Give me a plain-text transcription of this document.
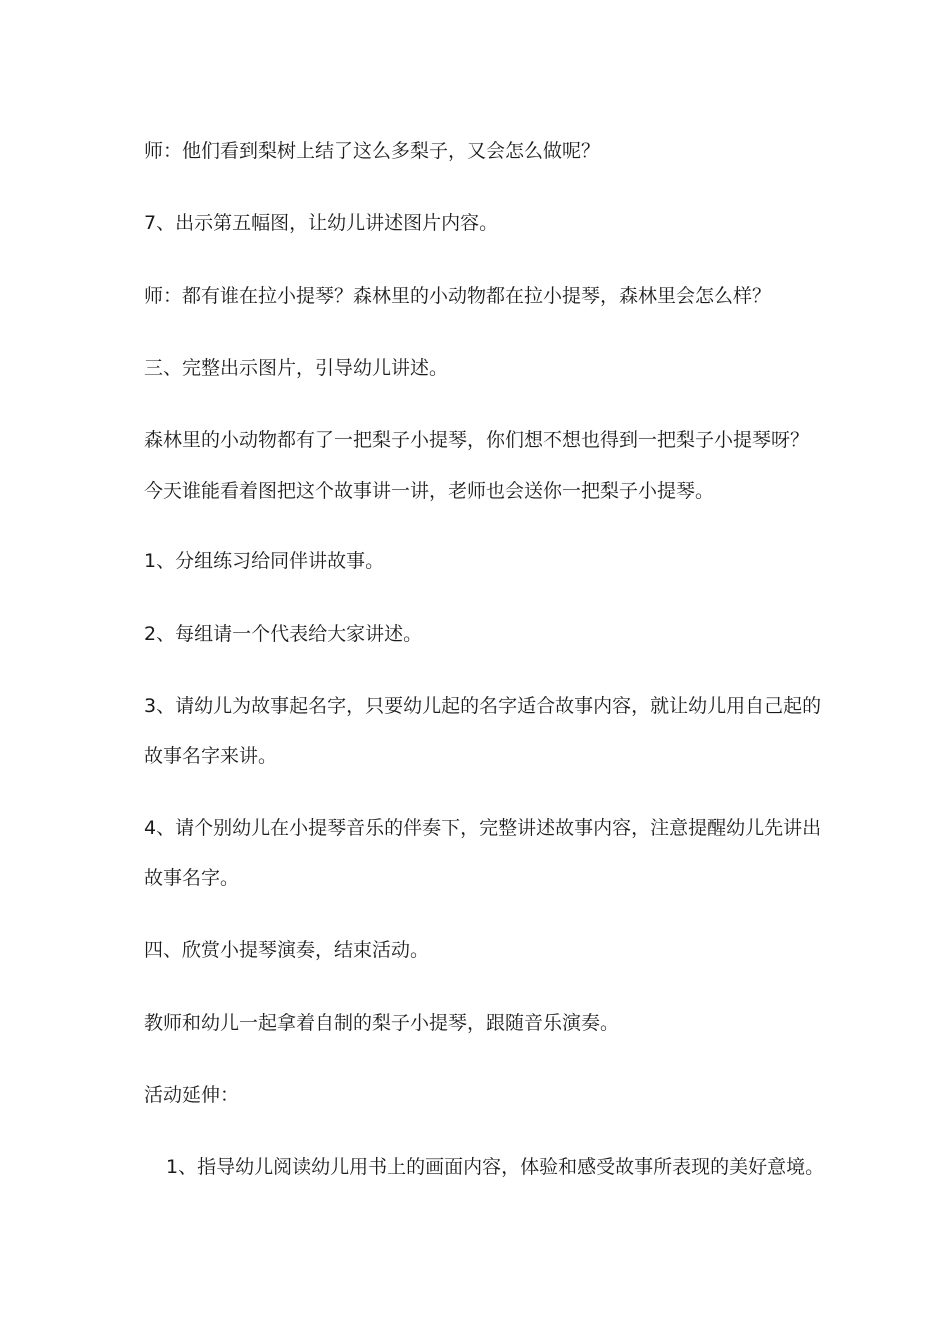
师：他们看到梨树上结了这么多梨子，又会怎么做呢？
7、出示第五幅图，让幼儿讲述图片内容。
师：都有谁在拉小提琴？森林里的小动物都在拉小提琴，森林里会怎么样？
三、完整出示图片，引导幼儿讲述。
森林里的小动物都有了一把梨子小提琴，你们想不想也得到一把梨子小提琴呀？
今天谁能看着图把这个故事讲一讲，老师也会送你一把梨子小提琴。
1、分组练习给同伴讲故事。
2、每组请一个代表给大家讲述。
3、请幼儿为故事起名字，只要幼儿起的名字适合故事内容，就让幼儿用自己起的
故事名字来讲。
4、请个别幼儿在小提琴音乐的伴奏下，完整讲述故事内容，注意提醒幼儿先讲出
故事名字。
四、欣赏小提琴演奏，结束活动。
教师和幼儿一起拿着自制的梨子小提琴，跟随音乐演奏。
活动延伸：
1、指导幼儿阅读幼儿用书上的画面内容，体验和感受故事所表现的美好意境。
